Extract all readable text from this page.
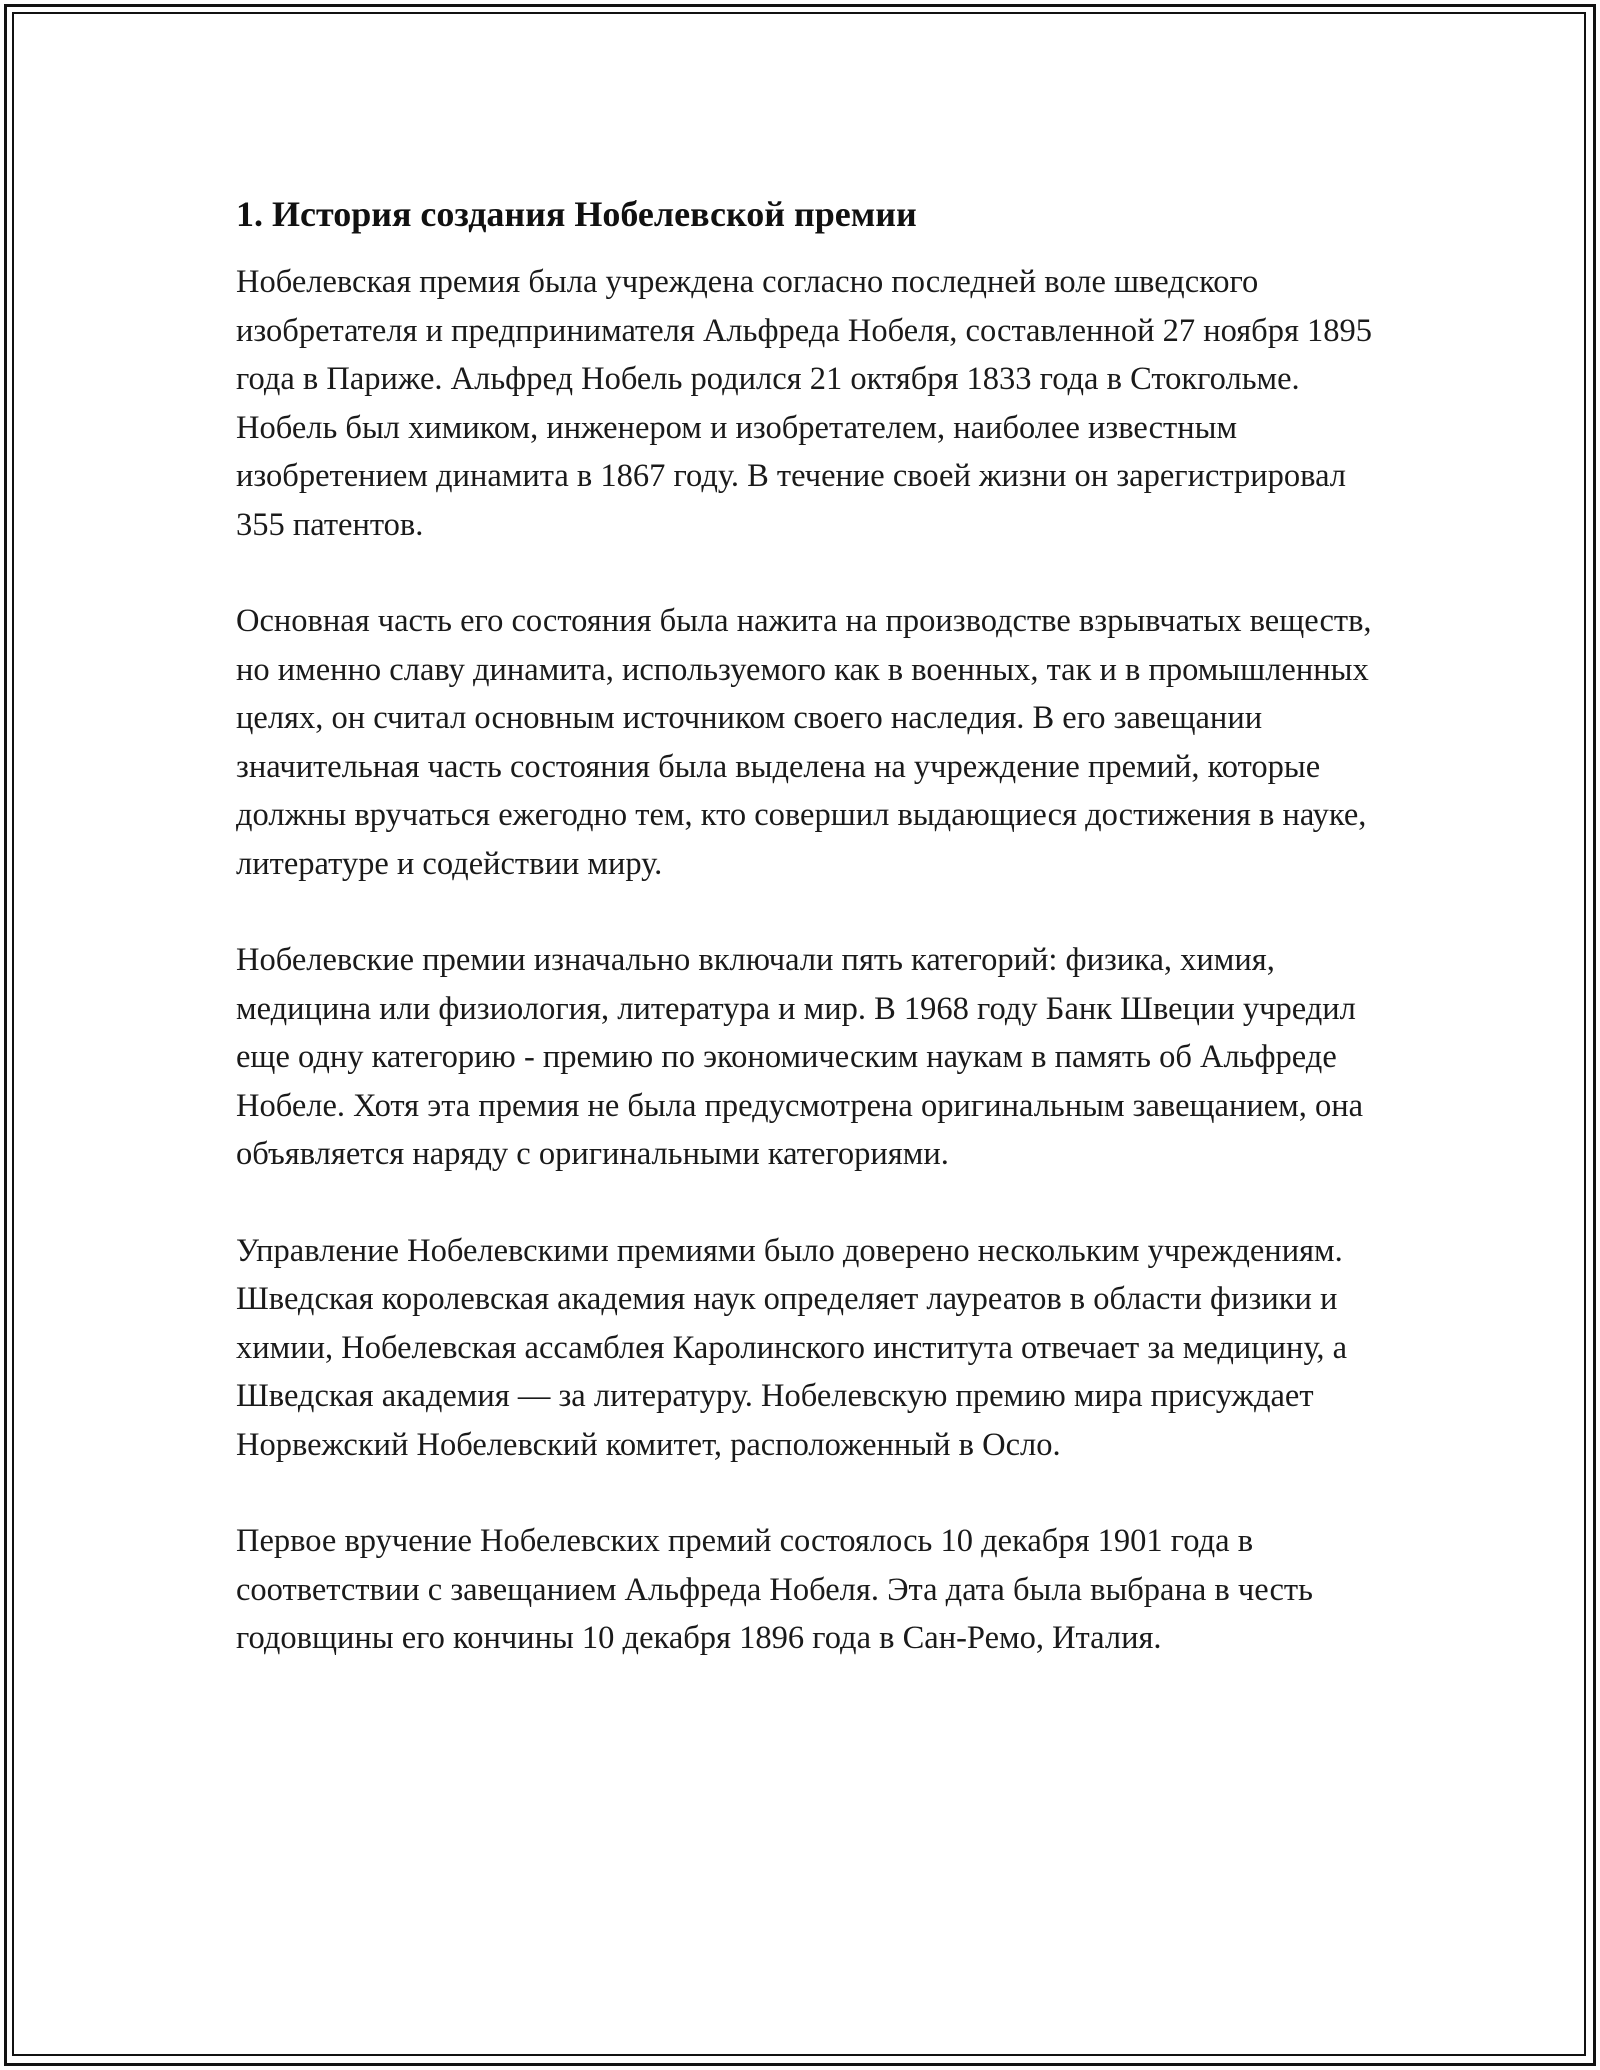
1. История создания Нобелевской премии

Нобелевская премия была учреждена согласно последней воле шведского изобретателя и предпринимателя Альфреда Нобеля, составленной 27 ноября 1895 года в Париже. Альфред Нобель родился 21 октября 1833 года в Стокгольме. Нобель был химиком, инженером и изобретателем, наиболее известным изобретением динамита в 1867 году. В течение своей жизни он зарегистрировал 355 патентов.

Основная часть его состояния была нажита на производстве взрывчатых веществ, но именно славу динамита, используемого как в военных, так и в промышленных целях, он считал основным источником своего наследия. В его завещании значительная часть состояния была выделена на учреждение премий, которые должны вручаться ежегодно тем, кто совершил выдающиеся достижения в науке, литературе и содействии миру.

Нобелевские премии изначально включали пять категорий: физика, химия, медицина или физиология, литература и мир. В 1968 году Банк Швеции учредил еще одну категорию - премию по экономическим наукам в память об Альфреде Нобеле. Хотя эта премия не была предусмотрена оригинальным завещанием, она объявляется наряду с оригинальными категориями.

Управление Нобелевскими премиями было доверено нескольким учреждениям. Шведская королевская академия наук определяет лауреатов в области физики и химии, Нобелевская ассамблея Каролинского института отвечает за медицину, а Шведская академия — за литературу. Нобелевскую премию мира присуждает Норвежский Нобелевский комитет, расположенный в Осло.

Первое вручение Нобелевских премий состоялось 10 декабря 1901 года в соответствии с завещанием Альфреда Нобеля. Эта дата была выбрана в честь годовщины его кончины 10 декабря 1896 года в Сан-Ремо, Италия.
